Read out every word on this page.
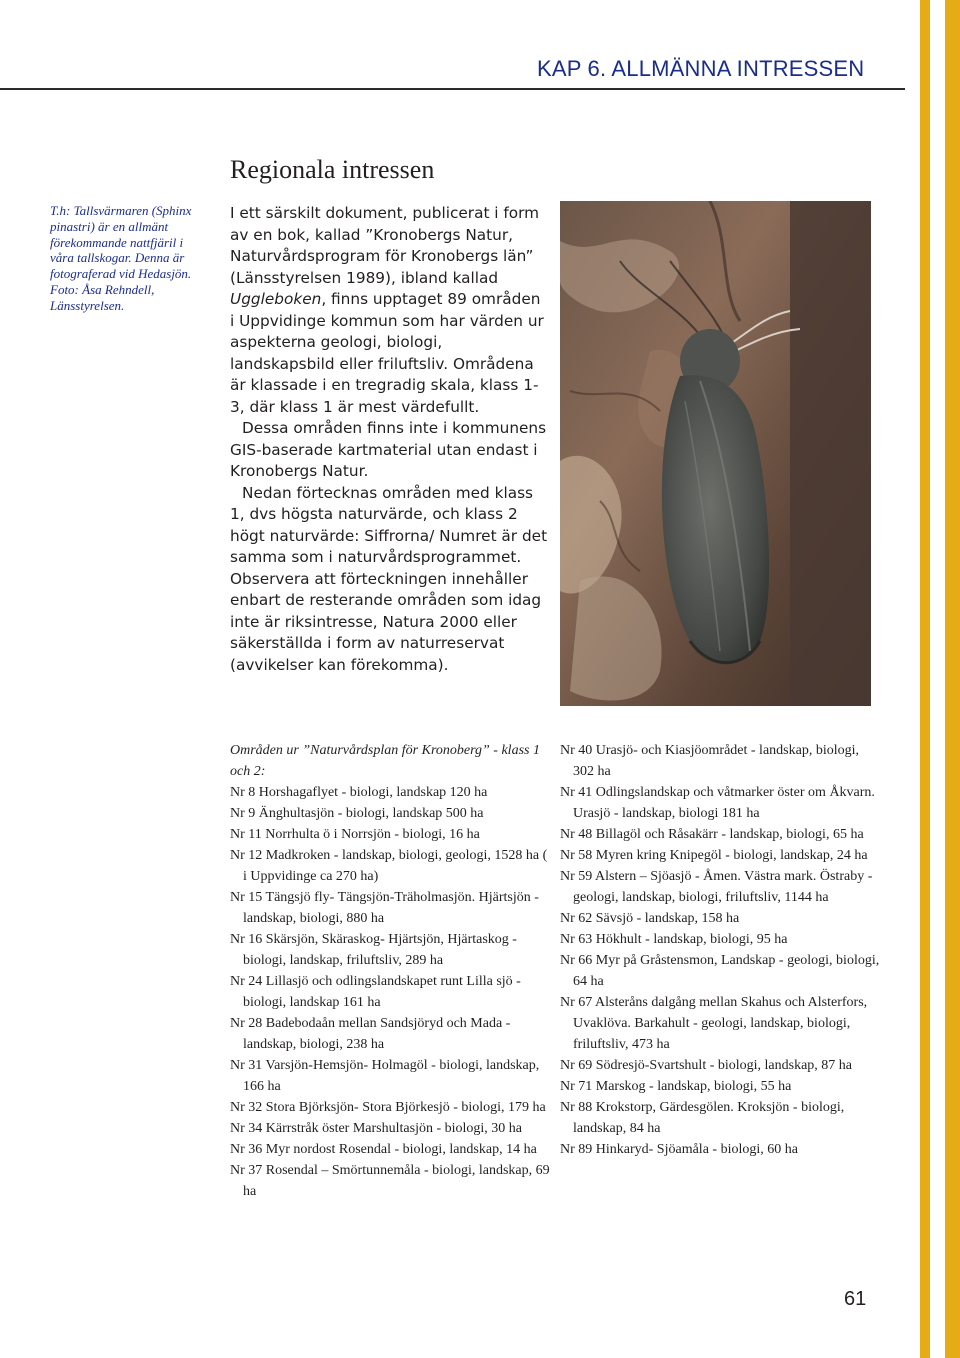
KAP 6. ALLMÄNNA INTRESSEN
Regionala intressen
T.h: Tallsvärmaren (Sphinx pinastri) är en allmänt förekommande nattfjäril i våra tallskogar. Denna är fotograferad vid Hedasjön. Foto: Åsa Rehndell, Länsstyrelsen.

I ett särskilt dokument, publicerat i form av en bok, kallad ”Kronobergs Natur, Naturvårdsprogram för Kronobergs län” (Länsstyrelsen 1989), ibland kallad Uggleboken, finns upptaget 89 områden i Uppvidinge kommun som har värden ur aspekterna geologi, biologi, landskapsbild eller friluftsliv. Områdena är klassade i en tregradig skala, klass 1- 3, där klass 1 är mest värdefullt.

Dessa områden finns inte i kommunens GIS-baserade kartmaterial utan endast i Kronobergs Natur.

Nedan förtecknas områden med klass 1, dvs högsta naturvärde, och klass 2 högt naturvärde: Siffrorna/ Numret är det samma som i naturvårdsprogrammet. Observera att förteckningen innehåller enbart de resterande områden som idag inte är riksintresse, Natura 2000 eller säkerställda i form av naturreservat (avvikelser kan förekomma).

Områden ur ”Naturvårdsplan för Kronoberg” - klass 1 och 2:
Nr 8 Horshagaflyet - biologi, landskap 120 ha
Nr 9 Änghultasjön - biologi, landskap 500 ha
Nr 11 Norrhulta ö i Norrsjön - biologi, 16 ha
Nr 12 Madkroken - landskap, biologi, geologi, 1528 ha ( i Uppvidinge ca 270 ha)
Nr 15 Tängsjö fly- Tängsjön-Träholmasjön. Hjärtsjön - landskap, biologi, 880 ha
Nr 16 Skärsjön, Skäraskog- Hjärtsjön, Hjärtaskog - biologi, landskap, friluftsliv, 289 ha
Nr 24 Lillasjö och odlingslandskapet runt Lilla sjö - biologi, landskap 161 ha
Nr 28 Badebodaån mellan Sandsjöryd och Mada - landskap, biologi, 238 ha
Nr 31 Varsjön-Hemsjön- Holmagöl - biologi, landskap, 166 ha
Nr 32 Stora Björksjön- Stora Björkesjö - biologi, 179 ha
Nr 34 Kärrstråk öster Marshultasjön - biologi, 30 ha
Nr 36 Myr nordost Rosendal - biologi, landskap, 14 ha
Nr 37 Rosendal – Smörtunnemåla - biologi, landskap, 69 ha
Nr 40 Urasjö- och Kiasjöområdet - landskap, biologi, 302 ha
Nr 41 Odlingslandskap och våtmarker öster om Åkvarn. Urasjö - landskap, biologi 181 ha
Nr 48 Billagöl och Råsakärr - landskap, biologi, 65 ha
Nr 58 Myren kring Knipegöl - biologi, landskap, 24 ha
Nr 59 Alstern – Sjöasjö - Åmen. Västra mark. Östraby - geologi, landskap, biologi, friluftsliv, 1144 ha
Nr 62 Sävsjö - landskap, 158 ha
Nr 63 Hökhult - landskap, biologi, 95 ha
Nr 66 Myr på Gråstensmon, Landskap - geologi, biologi, 64 ha
Nr 67 Alsteråns dalgång mellan Skahus och Alsterfors, Uvaklöva. Barkahult - geologi, landskap, biologi, friluftsliv, 473 ha
Nr 69 Södresjö-Svartshult - biologi, landskap, 87 ha
Nr 71 Marskog - landskap, biologi, 55 ha
Nr 88 Krokstorp, Gärdesgölen. Kroksjön - biologi, landskap, 84 ha
Nr 89 Hinkaryd- Sjöamåla - biologi, 60 ha
61
